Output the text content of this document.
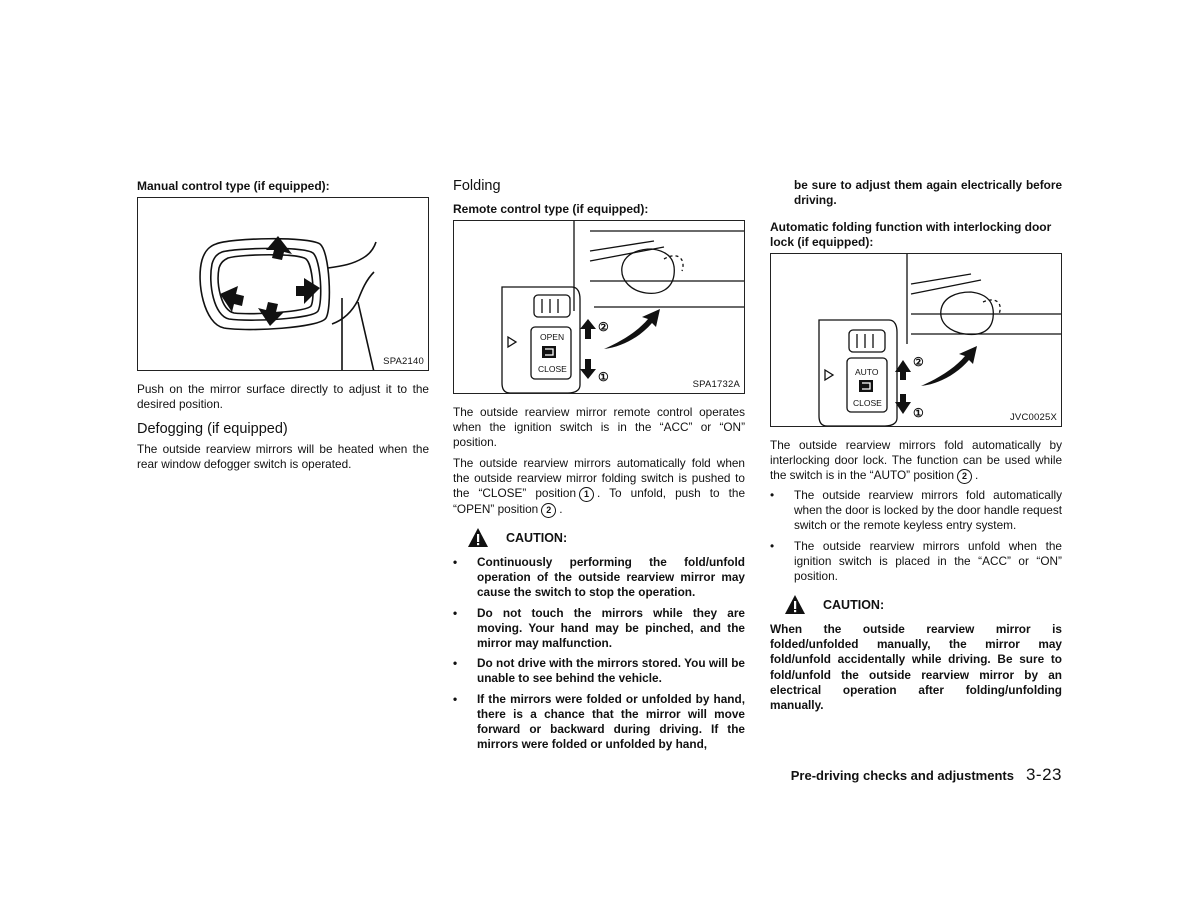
Manual control type (if equipped):
SPA2140
Push on the mirror surface directly to adjust it to the desired position.
Defogging (if equipped)
The outside rearview mirrors will be heated when the rear window defogger switch is operated.
Folding
Remote control type (if equipped):
OPEN
CLOSE
②
①
SPA1732A
The outside rearview mirror remote control operates when the ignition switch is in the “ACC” or “ON” position.
The outside rearview mirrors automatically fold when the outside rearview mirror folding switch is pushed to the “CLOSE” position 1 . To unfold, push to the “OPEN” position 2 .
CAUTION:
• Continuously performing the fold/unfold operation of the outside rearview mirror may cause the switch to stop the operation.
• Do not touch the mirrors while they are moving. Your hand may be pinched, and the mirror may malfunction.
• Do not drive with the mirrors stored. You will be unable to see behind the vehicle.
• If the mirrors were folded or unfolded by hand, there is a chance that the mirror will move forward or backward during driving. If the mirrors were folded or unfolded by hand,
be sure to adjust them again electrically before driving.
Automatic folding function with interlocking door lock (if equipped):
AUTO
CLOSE
②
①	JVC0025X
The outside rearview mirrors fold automatically by interlocking door lock. The function can be used while the switch is in the “AUTO” position 2 .
• The outside rearview mirrors fold automatically when the door is locked by the door handle request switch or the remote keyless entry system.
• The outside rearview mirrors unfold when the ignition switch is placed in the “ACC” or “ON” position.
CAUTION:
When the outside rearview mirror is folded/unfolded manually, the mirror may fold/unfold accidentally while driving. Be sure to fold/unfold the outside rearview mirror by an electrical operation after folding/unfolding manually.
Pre-driving checks and adjustments 3-23
